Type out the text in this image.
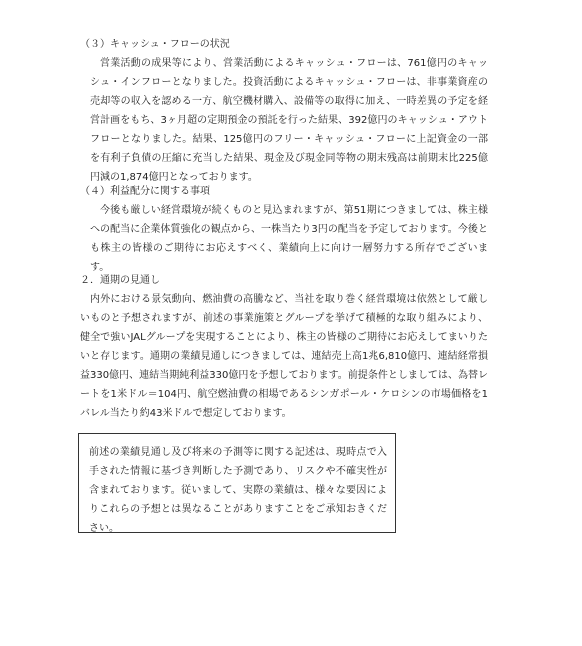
（３）キャッシュ・フローの状況

営業活動の成果等により、営業活動によるキャッシュ・フローは、761億円のキャッシュ・インフローとなりました。投資活動によるキャッシュ・フローは、非事業資産の売却等の収入を認める一方、航空機材購入、設備等の取得に加え、一時差異の予定を経営計画をもち、3ヶ月超の定期預金の預託を行った結果、392億円のキャッシュ・アウトフローとなりました。結果、125億円のフリー・キャッシュ・フローに上記資金の一部を有利子負債の圧縮に充当した結果、現金及び現金同等物の期末残高は前期末比225億円減の1,874億円となっております。

（４）利益配分に関する事項

今後も厳しい経営環境が続くものと見込まれますが、第51期につきましては、株主様への配当に企業体質強化の観点から、一株当たり3円の配当を予定しております。今後とも株主の皆様のご期待にお応えすべく、業績向上に向け一層努力する所存でございます。

２．通期の見通し

内外における景気動向、燃油費の高騰など、当社を取り巻く経営環境は依然として厳しいものと予想されますが、前述の事業施策とグループを挙げて積極的な取り組みにより、健全で強いJALグループを実現することにより、株主の皆様のご期待にお応えしてまいりたいと存じます。通期の業績見通しにつきましては、連結売上高1兆6,810億円、連結経常損益330億円、連結当期純利益330億円を予想しております。前提条件としましては、為替レートを1米ドル＝104円、航空燃油費の相場であるシンガポール・ケロシンの市場価格を1バレル当たり約43米ドルで想定しております。

前述の業績見通し及び将来の予測等に関する記述は、現時点で入手された情報に基づき判断した予測であり、リスクや不確実性が含まれております。従いまして、実際の業績は、様々な要因によりこれらの予想とは異なることがありますことをご承知おきください。
